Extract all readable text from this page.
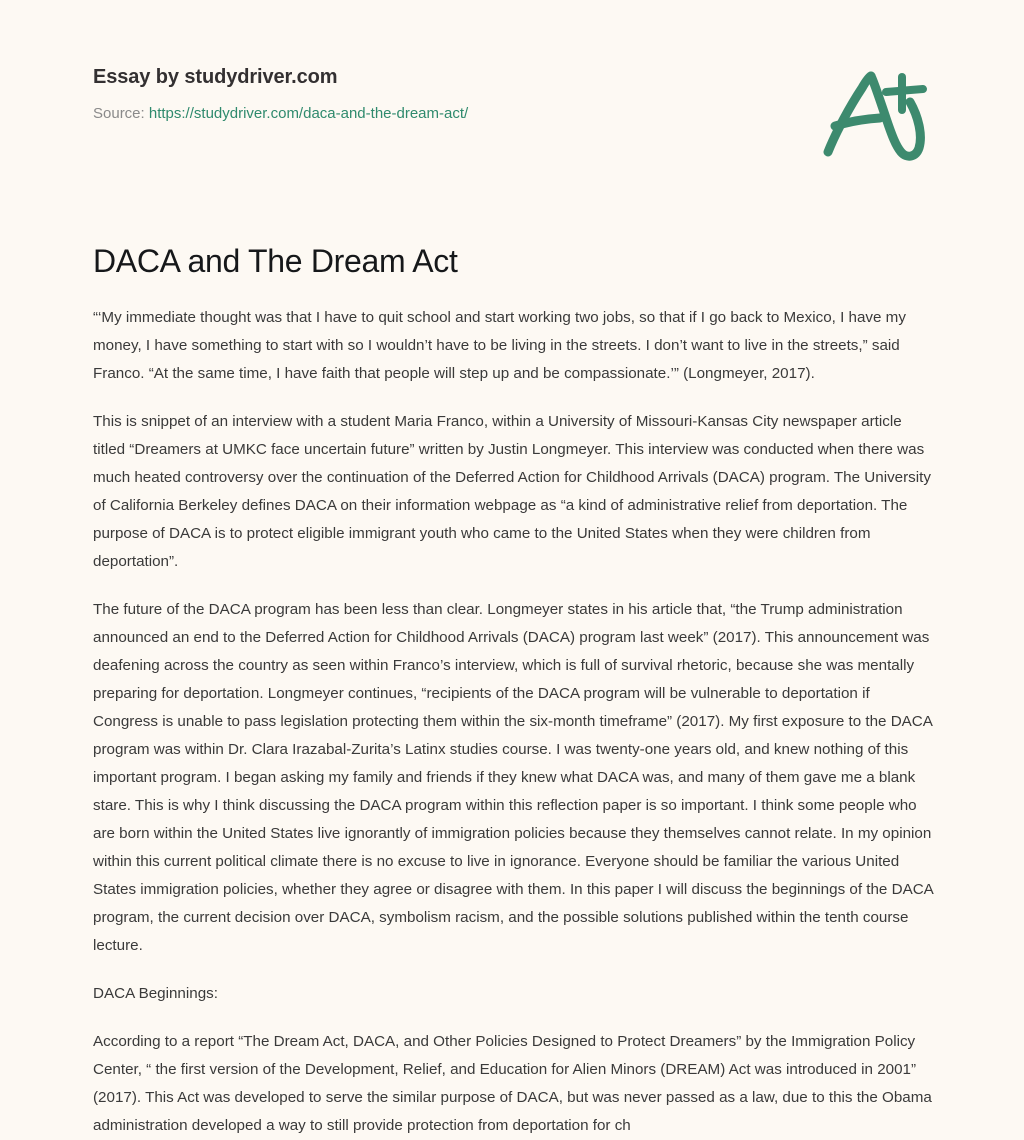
Essay by studydriver.com
Source: https://studydriver.com/daca-and-the-dream-act/
DACA and The Dream Act

“‘My immediate thought was that I have to quit school and start working two jobs, so that if I go back to Mexico, I have my money, I have something to start with so I wouldn’t have to be living in the streets. I don’t want to live in the streets,” said Franco. “At the same time, I have faith that people will step up and be compassionate.’” (Longmeyer, 2017).

This is snippet of an interview with a student Maria Franco, within a University of Missouri-Kansas City newspaper article titled “Dreamers at UMKC face uncertain future” written by Justin Longmeyer. This interview was conducted when there was much heated controversy over the continuation of the Deferred Action for Childhood Arrivals (DACA) program. The University of California Berkeley defines DACA on their information webpage as “a kind of administrative relief from deportation. The purpose of DACA is to protect eligible immigrant youth who came to the United States when they were children from deportation”.

The future of the DACA program has been less than clear. Longmeyer states in his article that, “the Trump administration announced an end to the Deferred Action for Childhood Arrivals (DACA) program last week” (2017). This announcement was deafening across the country as seen within Franco’s interview, which is full of survival rhetoric, because she was mentally preparing for deportation. Longmeyer continues, “recipients of the DACA program will be vulnerable to deportation if Congress is unable to pass legislation protecting them within the six-month timeframe” (2017). My first exposure to the DACA program was within Dr. Clara Irazabal-Zurita’s Latinx studies course. I was twenty-one years old, and knew nothing of this important program. I began asking my family and friends if they knew what DACA was, and many of them gave me a blank stare. This is why I think discussing the DACA program within this reflection paper is so important. I think some people who are born within the United States live ignorantly of immigration policies because they themselves cannot relate. In my opinion within this current political climate there is no excuse to live in ignorance. Everyone should be familiar the various United States immigration policies, whether they agree or disagree with them. In this paper I will discuss the beginnings of the DACA program, the current decision over DACA, symbolism racism, and the possible solutions published within the tenth course lecture.

DACA Beginnings:

According to a report “The Dream Act, DACA, and Other Policies Designed to Protect Dreamers” by the Immigration Policy Center, “ the first version of the Development, Relief, and Education for Alien Minors (DREAM) Act was introduced in 2001” (2017). This Act was developed to serve the similar purpose of DACA, but was never passed as a law, due to this the Obama administration developed a way to still provide protection from deportation for ch
